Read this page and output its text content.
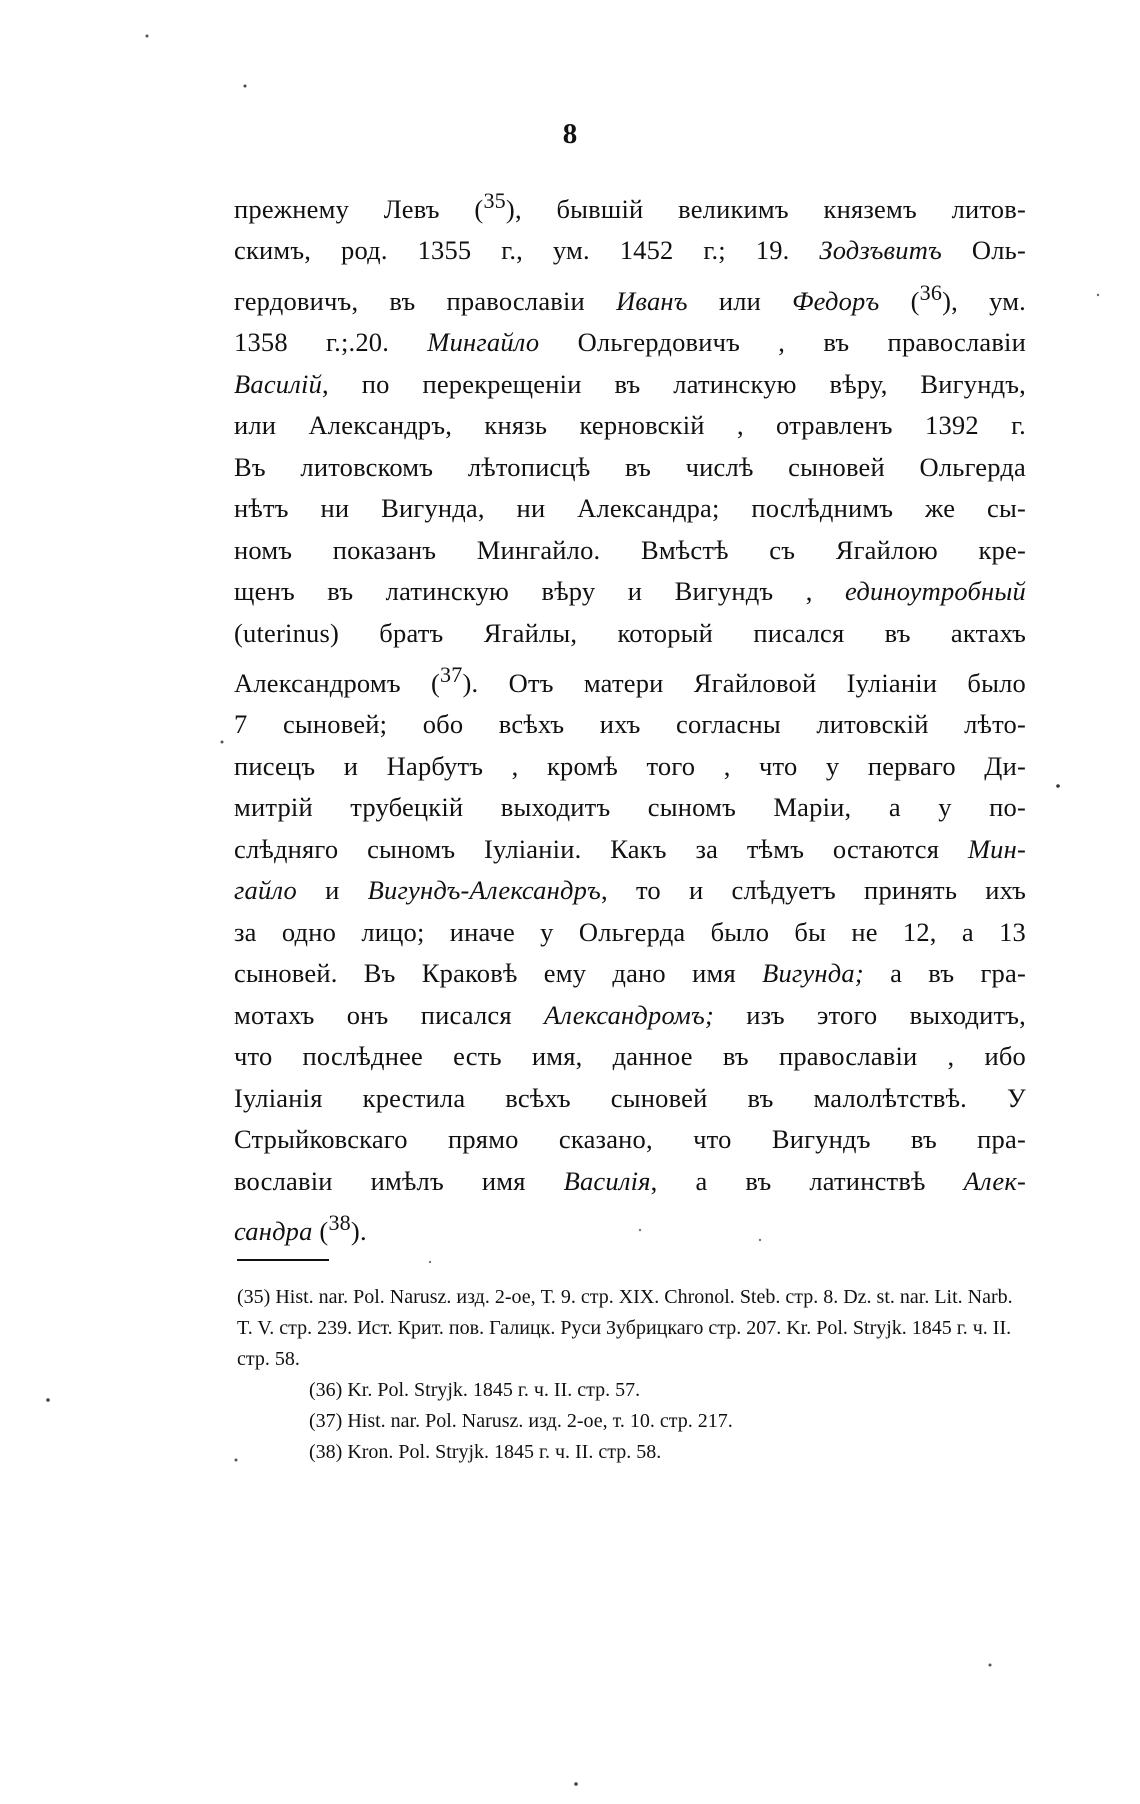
8
прежнему Левъ ($^{35}$), бывшій великимъ княземъ литов-
скимъ, род. 1355 г., ум. 1452 г.; 19. Зодзъвитъ Оль-
гердовичъ, въ православіи Иванъ или Федоръ ($^{36}$), ум.
1358 г.;.20. Мингайло Ольгердовичъ , въ православіи
Василій, по перекрещеніи въ латинскую вѣру, Вигундъ,
или Александръ, князь керновскій , отравленъ 1392 г.
Въ литовскомъ лѣтописцѣ въ числѣ сыновей Ольгерда
нѣтъ ни Вигунда, ни Александра; послѣднимъ же сы-
номъ показанъ Мингайло. Вмѣстѣ съ Ягайлою кре-
щенъ въ латинскую вѣру и Вигундъ , единоутробный
(uterinus) братъ Ягайлы, который писался въ актахъ
Александромъ ($^{37}$). Отъ матери Ягайловой Іуліаніи было
7 сыновей; обо всѣхъ ихъ согласны литовскій лѣто-
писецъ и Нарбутъ , кромѣ того , что у перваго Ди-
митрій трубецкій выходитъ сыномъ Маріи, а у по-
слѣдняго сыномъ Іуліаніи. Какъ за тѣмъ остаются Мин-
гайло и Вигундъ-Александръ, то и слѣдуетъ принять ихъ
за одно лицо; иначе у Ольгерда было бы не 12, а 13
сыновей. Въ Краковѣ ему дано имя Вигунда; а въ гра-
мотахъ онъ писался Александромъ; изъ этого выходитъ,
что послѣднее есть имя, данное въ православіи , ибо
Іуліанія крестила всѣхъ сыновей въ малолѣтствѣ. У
Стрыйковскаго прямо сказано, что Вигундъ въ пра-
вославіи имѣлъ имя Василія, а въ латинствѣ Алек-
сандра ($^{38}$).
(35) Hist. nar. Pol. Narusz. изд. 2-ое, Т. 9. стр. XIX. Chronol. Steb. стр. 8. Dz. st. nar. Lit. Narb. T. V. стр. 239. Ист. Крит. пов. Галицк. Руси Зубрицкаго стр. 207. Kr. Pol. Stryjk. 1845 г. ч. II. стр. 58.
(36) Kr. Pol. Stryjk. 1845 г. ч. II. стр. 57.
(37) Hist. nar. Pol. Narusz. изд. 2-ое, т. 10. стр. 217.
(38) Kron. Pol. Stryjk. 1845 г. ч. II. стр. 58.
